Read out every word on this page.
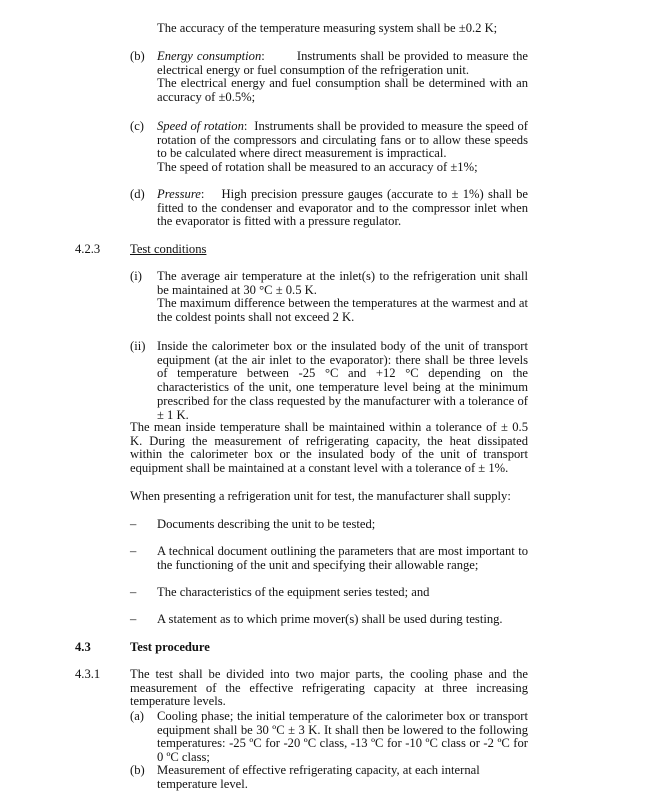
The accuracy of the temperature measuring system shall be ±0.2 K;
(b) Energy consumption:        Instruments shall be provided to measure the electrical energy or fuel consumption of the refrigeration unit.
The electrical energy and fuel consumption shall be determined with an accuracy of ±0.5%;
(c) Speed of rotation:  Instruments shall be provided to measure the speed of rotation of the compressors and circulating fans or to allow these speeds to be calculated where direct measurement is impractical.
The speed of rotation shall be measured to an accuracy of ±1%;
(d) Pressure:    High precision pressure gauges (accurate to ± 1%) shall be fitted to the condenser and evaporator and to the compressor inlet when the evaporator is fitted with a pressure regulator.
4.2.3 Test conditions
(i) The average air temperature at the inlet(s) to the refrigeration unit shall be maintained at 30 °C ± 0.5 K.
The maximum difference between the temperatures at the warmest and at the coldest points shall not exceed 2 K.
(ii) Inside the calorimeter box or the insulated body of the unit of transport equipment (at the air inlet to the evaporator): there shall be three levels of temperature between -25 °C and +12 °C depending on the characteristics of the unit, one temperature level being at the minimum prescribed for the class requested by the manufacturer with a tolerance of ± 1 K.
The mean inside temperature shall be maintained within a tolerance of ± 0.5 K. During the measurement of refrigerating capacity, the heat dissipated within the calorimeter box or the insulated body of the unit of transport equipment shall be maintained at a constant level with a tolerance of ± 1%.
When presenting a refrigeration unit for test, the manufacturer shall supply:
– Documents describing the unit to be tested;
– A technical document outlining the parameters that are most important to the functioning of the unit and specifying their allowable range;
– The characteristics of the equipment series tested; and
– A statement as to which prime mover(s) shall be used during testing.
4.3	Test procedure
4.3.1 The test shall be divided into two major parts, the cooling phase and the measurement of the effective refrigerating capacity at three increasing temperature levels.
(a) Cooling phase; the initial temperature of the calorimeter box or transport equipment shall be 30 ºC ± 3 K. It shall then be lowered to the following temperatures: -25 ºC for -20 ºC class, -13 ºC for -10 ºC class or -2 ºC for 0 ºC class;
(b) Measurement of effective refrigerating capacity, at each internal temperature level.
